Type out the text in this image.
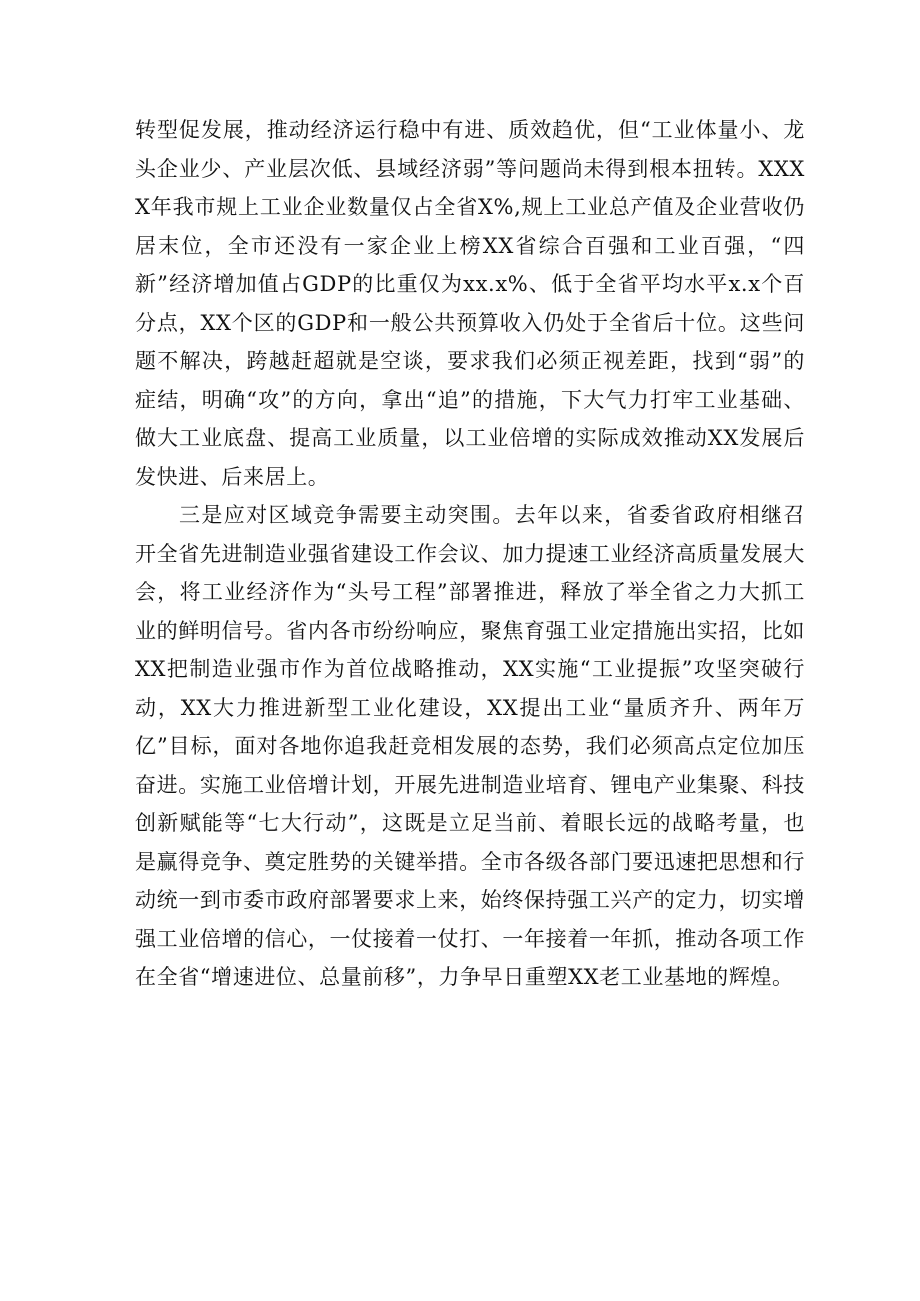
转型促发展，推动经济运行稳中有进、质效趋优，但“工业体量小、龙头企业少、产业层次低、县域经济弱”等问题尚未得到根本扭转。XXXX年我市规上工业企业数量仅占全省X%,规上工业总产值及企业营收仍居末位，全市还没有一家企业上榜XX省综合百强和工业百强，“四新”经济增加值占GDP的比重仅为xx.x%、低于全省平均水平x.x个百分点，XX个区的GDP和一般公共预算收入仍处于全省后十位。这些问题不解决，跨越赶超就是空谈，要求我们必须正视差距，找到“弱”的症结，明确“攻”的方向，拿出“追”的措施，下大气力打牢工业基础、做大工业底盘、提高工业质量，以工业倍增的实际成效推动XX发展后发快进、后来居上。

三是应对区域竞争需要主动突围。去年以来，省委省政府相继召开全省先进制造业强省建设工作会议、加力提速工业经济高质量发展大会，将工业经济作为“头号工程”部署推进，释放了举全省之力大抓工业的鲜明信号。省内各市纷纷响应，聚焦育强工业定措施出实招，比如XX把制造业强市作为首位战略推动，XX实施“工业提振”攻坚突破行动，XX大力推进新型工业化建设，XX提出工业“量质齐升、两年万亿”目标，面对各地你追我赶竞相发展的态势，我们必须高点定位加压奋进。实施工业倍增计划，开展先进制造业培育、锂电产业集聚、科技创新赋能等“七大行动”，这既是立足当前、着眼长远的战略考量，也是赢得竞争、奠定胜势的关键举措。全市各级各部门要迅速把思想和行动统一到市委市政府部署要求上来，始终保持强工兴产的定力，切实增强工业倍增的信心，一仗接着一仗打、一年接着一年抓，推动各项工作在全省“增速进位、总量前移”，力争早日重塑XX老工业基地的辉煌。
